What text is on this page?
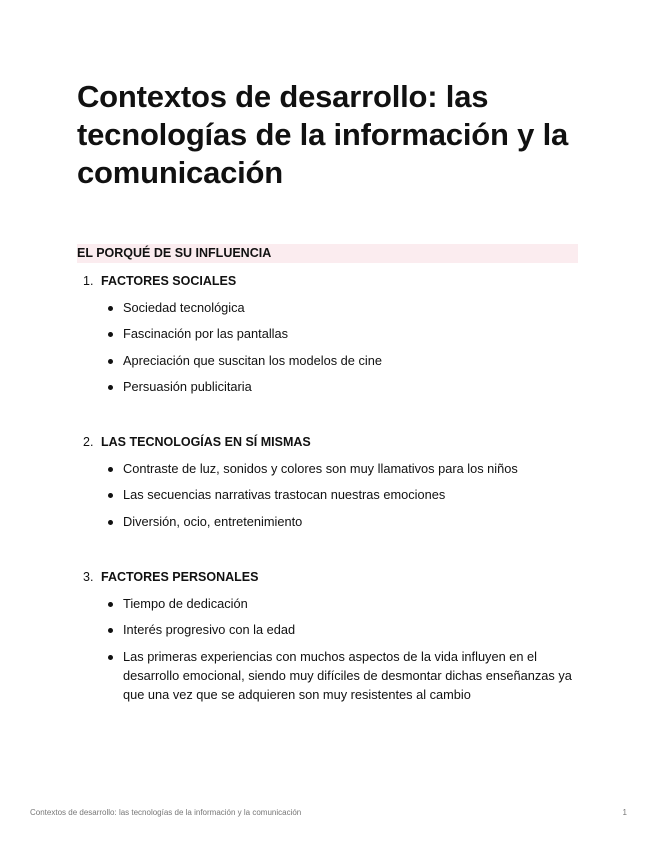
Contextos de desarrollo: las tecnologías de la información y la comunicación
EL PORQUÉ DE SU INFLUENCIA
1. FACTORES SOCIALES
Sociedad tecnológica
Fascinación por las pantallas
Apreciación que suscitan los modelos de cine
Persuasión publicitaria
2. LAS TECNOLOGÍAS EN SÍ MISMAS
Contraste de luz, sonidos y colores son muy llamativos para los niños
Las secuencias narrativas trastocan nuestras emociones
Diversión, ocio, entretenimiento
3. FACTORES PERSONALES
Tiempo de dedicación
Interés progresivo con la edad
Las primeras experiencias con muchos aspectos de la vida influyen en el desarrollo emocional, siendo muy difíciles de desmontar dichas enseñanzas ya que una vez que se adquieren son muy resistentes al cambio
Contextos de desarrollo: las tecnologías de la información y la comunicación	1
